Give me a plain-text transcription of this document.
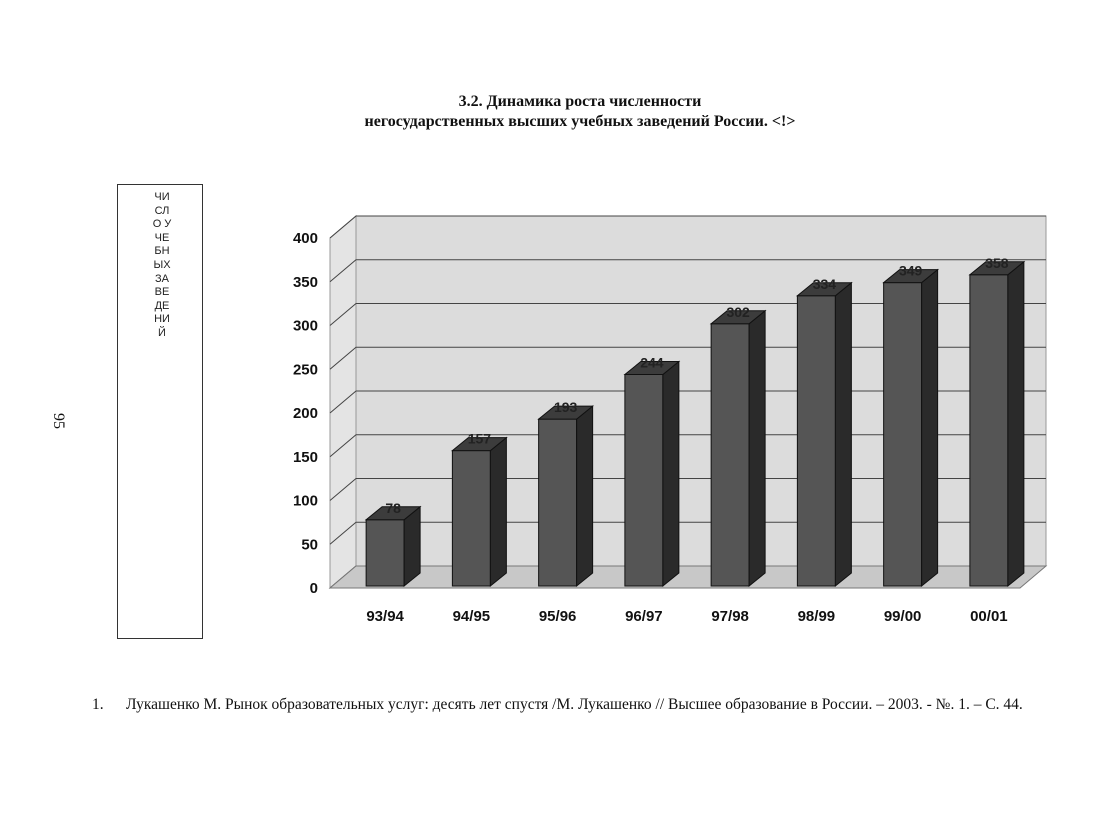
3.2. Динамика роста численности
негосударственных высших учебных заведений России. <!>
95
ЧИСЛО УЧЕБНЫХ ЗАВЕДЕНИЙ
78
157
193
244
302
334
349	358
0
50
100
150
200
250
300
350
400
93/94	94/95	95/96	96/97	97/98	98/99	99/00	00/01
1. Лукашенко М. Рынок образовательных услуг: десять лет спустя /М. Лукашенко // Высшее образование в России. – 2003. - №. 1. – С. 44.
